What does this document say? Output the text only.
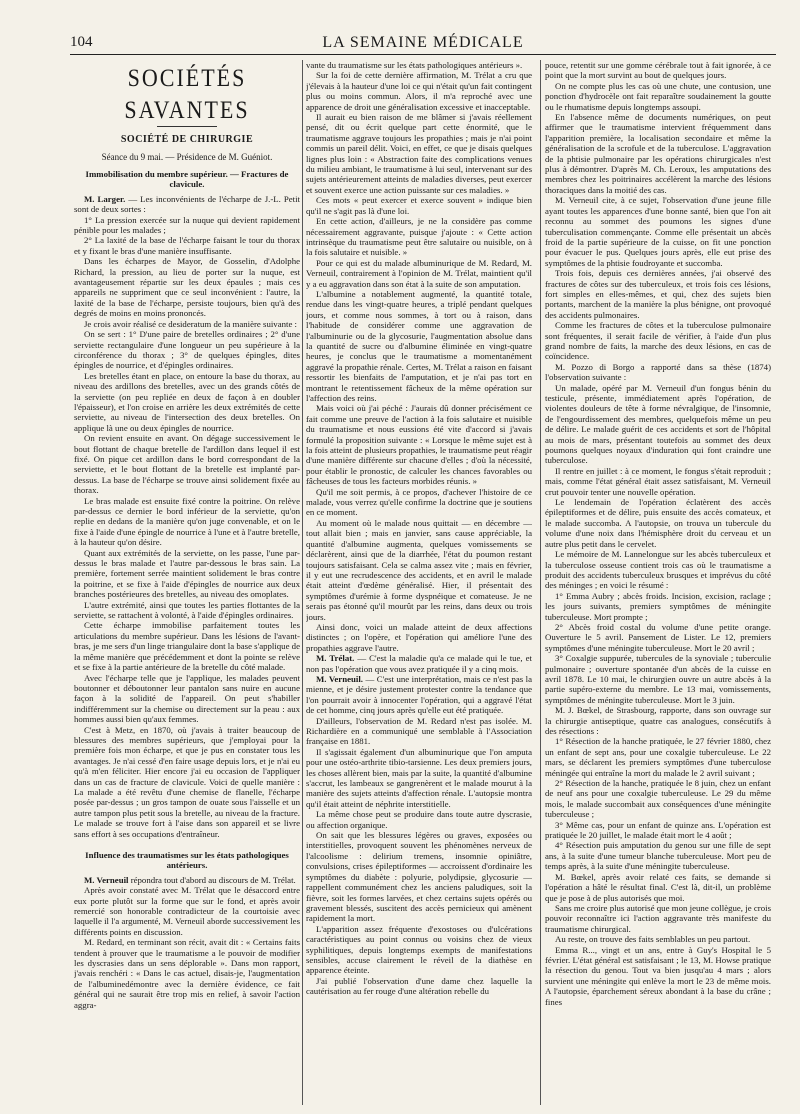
104	LA SEMAINE MÉDICALE

SOCIÉTÉS SAVANTES

SOCIÉTÉ DE CHIRURGIE

Séance du 9 mai. — Présidence de M. Guéniot.

Immobilisation du membre supérieur. — Fractures de clavicule.

M. Larger. — Les inconvénients de l'écharpe de J.-L. Petit sont de deux sortes :

1° La pression exercée sur la nuque qui devient rapidement pénible pour les malades ;

2° La laxité de la base de l'écharpe faisant le tour du thorax et y fixant le bras d'une manière insuffisante.

Dans les écharpes de Mayor, de Gosselin, d'Adolphe Richard, la pression, au lieu de porter sur la nuque, est avantageusement répartie sur les deux épaules ; mais ces appareils ne suppriment que ce seul inconvénient : l'autre, la laxité de la base de l'écharpe, persiste toujours, bien qu'à des degrés de moins en moins prononcés.

Je crois avoir réalisé ce desideratum de la manière suivante :

On se sert : 1° D'une paire de bretelles ordinaires ; 2° d'une serviette rectangulaire d'une longueur un peu supérieure à la circonférence du thorax ; 3° de quelques épingles, dites épingles de nourrice, et d'épingles ordinaires.

Les bretelles étant en place, on entoure la base du thorax, au niveau des ardillons des bretelles, avec un des grands côtés de la serviette (on peu repliée en deux de façon à en doubler l'épaisseur), et l'on croise en arrière les deux extrémités de cette serviette, au niveau de l'intersection des deux bretelles. On applique là une ou deux épingles de nourrice.

On revient ensuite en avant. On dégage successivement le bout flottant de chaque bretelle de l'ardillon dans lequel il est fixé. On pique cet ardillon dans le bord correspondant de la serviette, et le bout flottant de la bretelle est implanté par-dessus. La base de l'écharpe se trouve ainsi solidement fixée au thorax.

Le bras malade est ensuite fixé contre la poitrine. On relève par-dessus ce dernier le bord inférieur de la serviette, qu'on replie en dedans de la manière qu'on juge convenable, et on le fixe à l'aide d'une épingle de nourrice à l'une et à l'autre bretelle, à la hauteur qu'on désire.

Quant aux extrémités de la serviette, on les passe, l'une par-dessus le bras malade et l'autre par-dessous le bras sain. La première, fortement serrée maintient solidement le bras contre la poitrine, et se fixe à l'aide d'épingles de nourrice aux deux branches postérieures des bretelles, au niveau des omoplates.

L'autre extrémité, ainsi que toutes les parties flottantes de la serviette, se rattachent à volonté, à l'aide d'épingles ordinaires.

Cette écharpe immobilise parfaitement toutes les articulations du membre supérieur. Dans les lésions de l'avant-bras, je me sers d'un linge triangulaire dont la base s'applique de la même manière que précédemment et dont la pointe se relève et se fixe à la partie antérieure de la bretelle du côté malade.

Avec l'écharpe telle que je l'applique, les malades peuvent boutonner et déboutonner leur pantalon sans nuire en aucune façon à la solidité de l'appareil. On peut s'habiller indifféremment sur la chemise ou directement sur la peau : aux hommes aussi bien qu'aux femmes.

C'est à Metz, en 1870, où j'avais à traiter beaucoup de blessures des membres supérieurs, que j'employai pour la première fois mon écharpe, et que je pus en constater tous les avantages. Je n'ai cessé d'en faire usage depuis lors, et je n'ai eu qu'à m'en féliciter. Hier encore j'ai eu occasion de l'appliquer dans un cas de fracture de clavicule. Voici de quelle manière : La malade a été revêtu d'une chemise de flanelle, l'écharpe posée par-dessus ; un gros tampon de ouate sous l'aisselle et un autre tampon plus petit sous la bretelle, au niveau de la fracture. Le malade se trouve fort à l'aise dans son appareil et se livre sans effort à ses occupations d'entraîneur.

Influence des traumatismes sur les états pathologiques antérieurs.

M. Verneuil répondra tout d'abord au discours de M. Trélat.

Après avoir constaté avec M. Trélat que le désaccord entre eux porte plutôt sur la forme que sur le fond, et après avoir remercié son honorable contradicteur de la courtoisie avec laquelle il l'a argumenté, M. Verneuil aborde successivement les différents points en discussion.

M. Redard, en terminant son récit, avait dit : « Certains faits tendent à prouver que le traumatisme a le pouvoir de modifier les dyscrasies dans un sens déplorable ». Dans mon rapport, j'avais renchéri : « Dans le cas actuel, disais-je, l'augmentation de l'albuminedémontre avec la dernière évidence, ce fait général qui ne saurait être trop mis en relief, à savoir l'action aggra-

vante du traumatisme sur les états pathologiques antérieurs ».

Sur la foi de cette dernière affirmation, M. Trélat a cru que j'élevais à la hauteur d'une loi ce qui n'était qu'un fait contingent plus ou moins commun. Alors, il m'a reproché avec une apparence de droit une généralisation excessive et inacceptable.

Il aurait eu bien raison de me blâmer si j'avais réellement pensé, dit ou écrit quelque part cette énormité, que le traumatisme aggrave toujours les propathies ; mais je n'ai point commis un pareil délit. Voici, en effet, ce que je disais quelques lignes plus loin : « Abstraction faite des complications venues du milieu ambiant, le traumatisme à lui seul, intervenant sur des sujets antérieurement atteints de maladies diverses, peut exercer et souvent exerce une action puissante sur ces maladies. »

Ces mots « peut exercer et exerce souvent » indique bien qu'il ne s'agit pas là d'une loi.

En cette action, d'ailleurs, je ne la considère pas comme nécessairement aggravante, puisque j'ajoute : « Cette action intrinsèque du traumatisme peut être salutaire ou nuisible, on à la fois salutaire et nuisible. »

Pour ce qui est du malade albuminurique de M. Redard, M. Verneuil, contrairement à l'opinion de M. Trélat, maintient qu'il y a eu aggravation dans son état à la suite de son amputation.

L'albumine a notablement augmenté, la quantité totale, rendue dans les vingt-quatre heures, a triplé pendant quelques jours, et comme nous sommes, à tort ou à raison, dans l'habitude de considérer comme une aggravation de l'albuminurie ou de la glycosurie, l'augmentation absolue dans la quantité de sucre ou d'albumine éliminée en vingt-quatre heures, je conclus que le traumatisme a momentanément aggravé la propathie rénale. Certes, M. Trélat a raison en faisant ressortir les bienfaits de l'amputation, et je n'ai pas tort en montrant le retentissement fâcheux de la même opération sur l'affection des reins.

Mais voici où j'ai péché : J'aurais dû donner précisément ce fait comme une preuve de l'action à la fois salutaire et nuisible du traumatisme et nous eussions été vite d'accord si j'avais formulé la proposition suivante : « Lorsque le même sujet est à la fois atteint de plusieurs propathies, le traumatisme peut réagir d'une manière différente sur chacune d'elles ; d'où la nécessité, pour établir le pronostic, de calculer les chances favorables ou fâcheuses de tous les facteurs morbides réunis. »

Qu'il me soit permis, à ce propos, d'achever l'histoire de ce malade, vous verrez qu'elle confirme la doctrine que je soutiens en ce moment.

Au moment où le malade nous quittait — en décembre — tout allait bien ; mais en janvier, sans cause appréciable, la quantité d'albumine augmenta, quelques vomissements se déclarèrent, ainsi que de la diarrhée, l'état du poumon restant toujours satisfaisant. Cela se calma assez vite ; mais en février, il y eut une recrudescence des accidents, et en avril le malade était atteint d'œdème généralisé. Hier, il présentait des symptômes d'urémie à forme dyspnéique et comateuse. Je ne serais pas étonné qu'il mourût par les reins, dans deux ou trois jours.

Ainsi donc, voici un malade atteint de deux affections distinctes ; on l'opère, et l'opération qui améliore l'une des propathies aggrave l'autre.

M. Trélat. — C'est la maladie qu'a ce malade qui le tue, et non pas l'opération que vous avez pratiquée il y a cinq mois.

M. Verneuil. — C'est une interprétation, mais ce n'est pas la mienne, et je désire justement protester contre la tendance que l'on pourrait avoir à innocenter l'opération, qui a aggravé l'état de cet homme, cinq jours après qu'elle eut été pratiquée.

D'ailleurs, l'observation de M. Redard n'est pas isolée. M. Richardière en a communiqué une semblable à l'Association française en 1881.

Il s'agissait également d'un albuminurique que l'on amputa pour une ostéo-arthrite tibio-tarsienne. Les deux premiers jours, les choses allèrent bien, mais par la suite, la quantité d'albumine s'accrut, les lambeaux se gangrenèrent et le malade mourut à la manière des sujets atteints d'affection rénale. L'autopsie montra qu'il était atteint de néphrite interstitielle.

La même chose peut se produire dans toute autre dyscrasie, ou affection organique.

On sait que les blessures légères ou graves, exposées ou interstitielles, provoquent souvent les phénomènes nerveux de l'alcoolisme : delirium tremens, insomnie opiniâtre, convulsions, crises épileptiformes — accroissent d'ordinaire les symptômes du diabète : polyurie, polydipsie, glycosurie — rappellent communément chez les anciens paludiques, soit la fièvre, soit les formes larvées, et chez certains sujets opérés ou gravement blessés, suscitent des accès pernicieux qui amènent rapidement la mort.

L'apparition assez fréquente d'exostoses ou d'ulcérations caractéristiques au point connus ou voisins chez de vieux syphilitiques, depuis longtemps exempts de manifestations sensibles, accuse clairement le réveil de la diathèse en apparence éteinte.

J'ai publié l'observation d'une dame chez laquelle la cautérisation au fer rouge d'une altération rebelle du

pouce, retentit sur une gomme cérébrale tout à fait ignorée, à ce point que la mort survint au bout de quelques jours.

On ne compte plus les cas où une chute, une contusion, une ponction d'hydrocèle ont fait reparaître soudainement la goutte ou le rhumatisme depuis longtemps assoupi.

En l'absence même de documents numériques, on peut affirmer que le traumatisme intervient fréquemment dans l'apparition première, la localisation secondaire et même la généralisation de la scrofule et de la tuberculose. L'aggravation de la phtisie pulmonaire par les opérations chirurgicales n'est plus à démontrer. D'après M. Ch. Leroux, les amputations des membres chez les poitrinaires accélèrent la marche des lésions thoraciques dans la moitié des cas.

M. Verneuil cite, à ce sujet, l'observation d'une jeune fille ayant toutes les apparences d'une bonne santé, bien que l'on ait reconnu au sommet des poumons les signes d'une tuberculisation commençante. Comme elle présentait un abcès froid de la partie supérieure de la cuisse, on fit une ponction pour évacuer le pus. Quelques jours après, elle eut prise des symptômes de la phtisie foudroyante et succomba.

Trois fois, depuis ces dernières années, j'ai observé des fractures de côtes sur des tuberculeux, et trois fois ces lésions, fort simples en elles-mêmes, et qui, chez des sujets bien portants, marchent de la manière la plus bénigne, ont provoqué des accidents pulmonaires.

Comme les fractures de côtes et la tuberculose pulmonaire sont fréquentes, il serait facile de vérifier, à l'aide d'un plus grand nombre de faits, la marche des deux lésions, en cas de coïncidence.

M. Pozzo di Borgo a rapporté dans sa thèse (1874) l'observation suivante :

Un malade, opéré par M. Verneuil d'un fongus bénin du testicule, présente, immédiatement après l'opération, de violentes douleurs de tête à forme névralgique, de l'insomnie, de l'engourdissement des membres, quelquefois même un peu de délire. Le malade guérit de ces accidents et sort de l'hôpital au mois de mars, présentant toutefois au sommet des deux poumons quelques noyaux d'induration qui font craindre une tuberculose.

Il rentre en juillet : à ce moment, le fongus s'était reproduit ; mais, comme l'état général était assez satisfaisant, M. Verneuil crut pouvoir tenter une nouvelle opération.

Le lendemain de l'opération éclatèrent des accès épileptiformes et de délire, puis ensuite des accès comateux, et le malade succomba. A l'autopsie, on trouva un tubercule du volume d'une noix dans l'hémisphère droit du cerveau et un autre plus petit dans le cervelet.

Le mémoire de M. Lannelongue sur les abcès tuberculeux et la tuberculose osseuse contient trois cas où le traumatisme a produit des accidents tuberculeux brusques et imprévus du côté des méninges ; en voici le résumé :

1° Emma Aubry ; abcès froids. Incision, excision, raclage ; les jours suivants, premiers symptômes de méningite tuberculeuse. Mort prompte ;

2° Abcès froid costal du volume d'une petite orange. Ouverture le 5 avril. Pansement de Lister. Le 12, premiers symptômes d'une méningite tuberculeuse. Mort le 20 avril ;

3° Coxalgie suppurée, tubercules de la synoviale ; tuberculie pulmonaire ; ouverture spontanée d'un abcès de la cuisse en avril 1878. Le 10 mai, le chirurgien ouvre un autre abcès à la partie supéro-externe du membre. Le 13 mai, vomissements, symptômes de méningite tuberculeuse. Mort le 3 juin.

M. J. Bœkel, de Strasbourg, rapporte, dans son ouvrage sur la chirurgie antiseptique, quatre cas analogues, consécutifs à des résections :

1° Résection de la hanche pratiquée, le 27 février 1880, chez un enfant de sept ans, pour une coxalgie tuberculeuse. Le 22 mars, se déclarent les premiers symptômes d'une tuberculose méningée qui entraîne la mort du malade le 2 avril suivant ;

2° Résection de la hanche, pratiquée le 8 juin, chez un enfant de neuf ans pour une coxalgie tuberculeuse. Le 29 du même mois, le malade succombait aux conséquences d'une méningite tuberculeuse ;

3° Même cas, pour un enfant de quinze ans. L'opération est pratiquée le 20 juillet, le malade était mort le 4 août ;

4° Résection puis amputation du genou sur une fille de sept ans, à la suite d'une tumeur blanche tuberculeuse. Mort peu de temps après, à la suite d'une méningite tuberculeuse.

M. Bœkel, après avoir relaté ces faits, se demande si l'opération a hâté le résultat final. C'est là, dit-il, un problème que je pose à de plus autorisés que moi.

Sans me croire plus autorisé que mon jeune collègue, je crois pouvoir reconnaître ici l'action aggravante très manifeste du traumatisme chirurgical.

Au reste, on trouve des faits semblables un peu partout.

Emma R..., vingt et un ans, entre à Guy's Hospital le 5 février. L'état général est satisfaisant ; le 13, M. Howse pratique la résection du genou. Tout va bien jusqu'au 4 mars ; alors survient une méningite qui enlève la mort le 23 de même mois. A l'autopsie, éparchement séreux abondant à la base du crâne ; fines
